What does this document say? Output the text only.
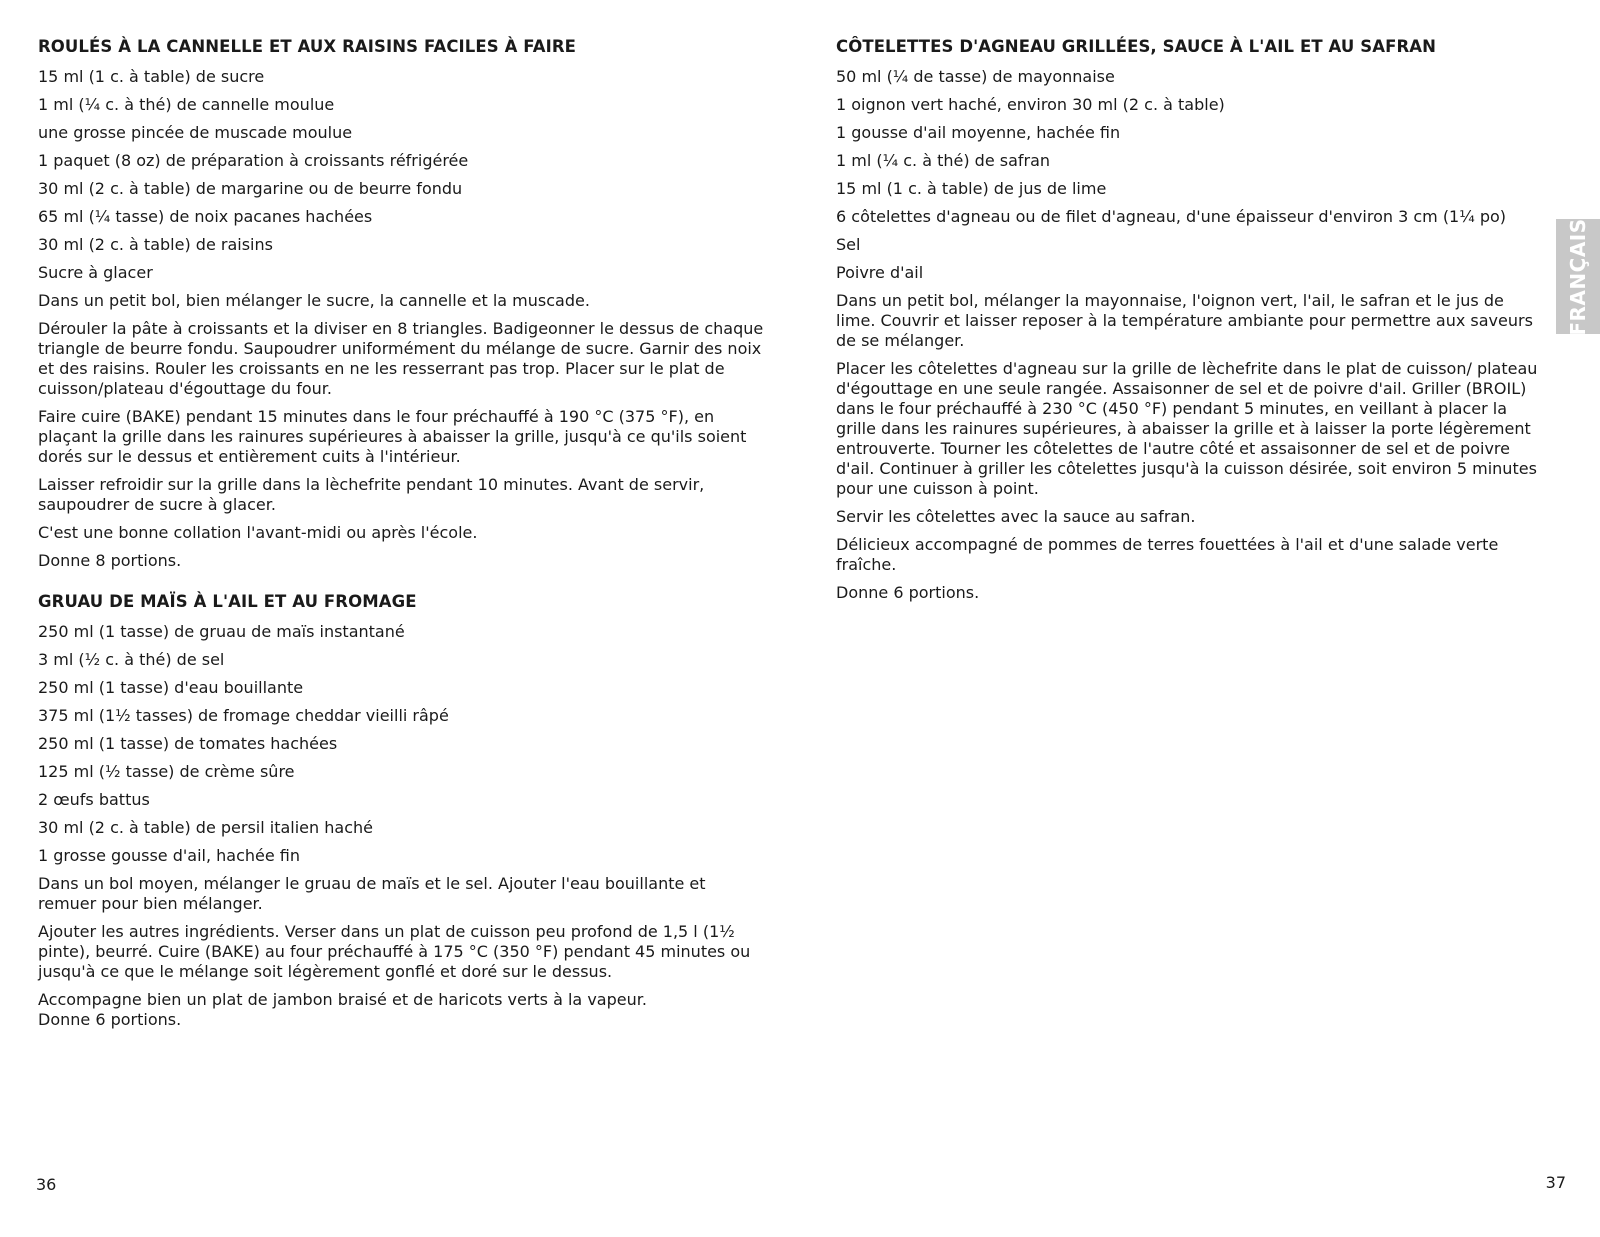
ROULÉS À LA CANNELLE ET AUX RAISINS FACILES À FAIRE

15 ml (1 c. à table) de sucre

1 ml (¼ c. à thé) de cannelle moulue

une grosse pincée de muscade moulue

1 paquet (8 oz) de préparation à croissants réfrigérée

30 ml (2 c. à table) de margarine ou de beurre fondu

65 ml (¼ tasse) de noix pacanes hachées

30 ml (2 c. à table) de raisins

Sucre à glacer

Dans un petit bol, bien mélanger le sucre, la cannelle et la muscade.

Dérouler la pâte à croissants et la diviser en 8 triangles. Badigeonner le dessus de chaque triangle de beurre fondu. Saupoudrer uniformément du mélange de sucre. Garnir des noix et des raisins. Rouler les croissants en ne les resserrant pas trop. Placer sur le plat de cuisson/plateau d'égouttage du four.

Faire cuire (BAKE) pendant 15 minutes dans le four préchauffé à 190 °C (375 °F), en plaçant la grille dans les rainures supérieures à abaisser la grille, jusqu'à ce qu'ils soient dorés sur le dessus et entièrement cuits à l'intérieur.

Laisser refroidir sur la grille dans la lèchefrite pendant 10 minutes. Avant de servir, saupoudrer de sucre à glacer.

C'est une bonne collation l'avant-midi ou après l'école.

Donne 8 portions.

GRUAU DE MAÏS À L'AIL ET AU FROMAGE

250 ml (1 tasse) de gruau de maïs instantané

3 ml (½ c. à thé) de sel

250 ml (1 tasse) d'eau bouillante

375 ml (1½ tasses) de fromage cheddar vieilli râpé

250 ml (1 tasse) de tomates hachées

125 ml (½ tasse) de crème sûre

2 œufs battus

30 ml (2 c. à table) de persil italien haché

1 grosse gousse d'ail, hachée fin

Dans un bol moyen, mélanger le gruau de maïs et le sel. Ajouter l'eau bouillante et remuer pour bien mélanger.

Ajouter les autres ingrédients. Verser dans un plat de cuisson peu profond de 1,5 l (1½ pinte), beurré. Cuire (BAKE) au four préchauffé à 175 °C (350 °F) pendant 45 minutes ou jusqu'à ce que le mélange soit légèrement gonflé et doré sur le dessus.

Accompagne bien un plat de jambon braisé et de haricots verts à la vapeur.

Donne 6 portions.

CÔTELETTES D'AGNEAU GRILLÉES, SAUCE À L'AIL ET AU SAFRAN

50 ml (¼ de tasse) de mayonnaise

1 oignon vert haché, environ 30 ml (2 c. à table)

1 gousse d'ail moyenne, hachée fin

1 ml (¼ c. à thé) de safran

15 ml (1 c. à table) de jus de lime

6 côtelettes d'agneau ou de filet d'agneau, d'une épaisseur d'environ 3 cm (1¼ po)

Sel

Poivre d'ail

Dans un petit bol, mélanger la mayonnaise, l'oignon vert, l'ail, le safran et le jus de lime. Couvrir et laisser reposer à la température ambiante pour permettre aux saveurs de se mélanger.

Placer les côtelettes d'agneau sur la grille de lèchefrite dans le plat de cuisson/ plateau d'égouttage en une seule rangée. Assaisonner de sel et de poivre d'ail. Griller (BROIL) dans le four préchauffé à 230 °C (450 °F) pendant 5 minutes, en veillant à placer la grille dans les rainures supérieures, à abaisser la grille et à laisser la porte légèrement entrouverte. Tourner les côtelettes de l'autre côté et assaisonner de sel et de poivre d'ail. Continuer à griller les côtelettes jusqu'à la cuisson désirée, soit environ 5 minutes pour une cuisson à point.

Servir les côtelettes avec la sauce au safran.

Délicieux accompagné de pommes de terres fouettées à l'ail et d'une salade verte fraîche.

Donne 6 portions.

FRANÇAIS
36	37
